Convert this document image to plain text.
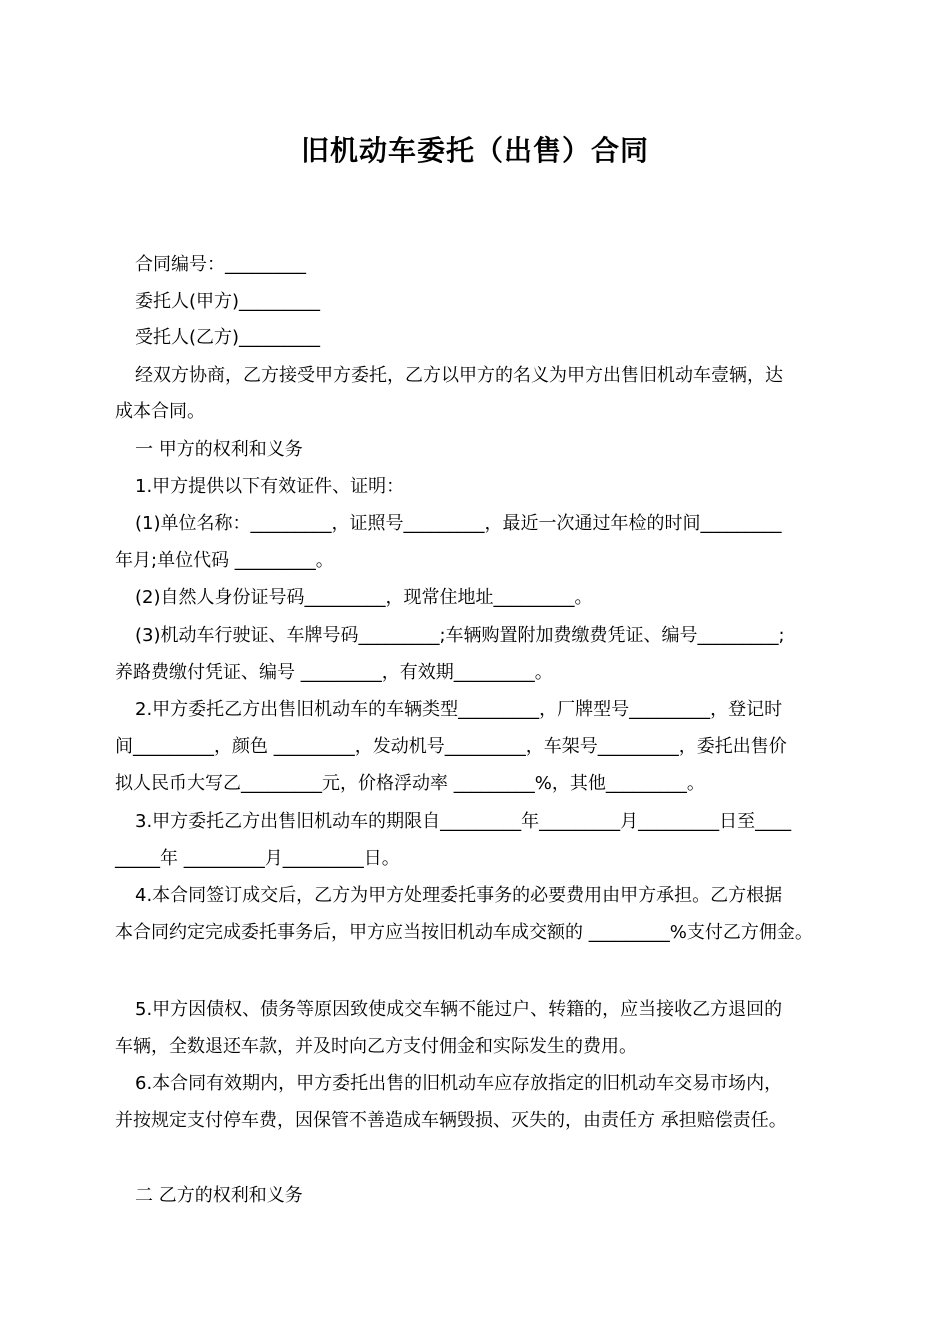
旧机动车委托（出售）合同
合同编号：_________
委托人(甲方)_________
受托人(乙方)_________
经双方协商，乙方接受甲方委托，乙方以甲方的名义为甲方出售旧机动车壹辆，达
成本合同。
一 甲方的权利和义务
1.甲方提供以下有效证件、证明：
(1)单位名称：_________，证照号_________，最近一次通过年检的时间_________
年月;单位代码 _________。
(2)自然人身份证号码_________，现常住地址_________。
(3)机动车行驶证、车牌号码_________;车辆购置附加费缴费凭证、编号_________;
养路费缴付凭证、编号 _________，有效期_________。
2.甲方委托乙方出售旧机动车的车辆类型_________，厂牌型号_________，登记时
间_________，颜色 _________，发动机号_________，车架号_________，委托出售价
拟人民币大写乙_________元，价格浮动率 _________%，其他_________。
3.甲方委托乙方出售旧机动车的期限自_________年_________月_________日至____
_____年 _________月_________日。
4.本合同签订成交后，乙方为甲方处理委托事务的必要费用由甲方承担。乙方根据
本合同约定完成委托事务后，甲方应当按旧机动车成交额的 _________%支付乙方佣金。
5.甲方因债权、债务等原因致使成交车辆不能过户、转籍的，应当接收乙方退回的
车辆，全数退还车款，并及时向乙方支付佣金和实际发生的费用。
6.本合同有效期内，甲方委托出售的旧机动车应存放指定的旧机动车交易市场内，
并按规定支付停车费，因保管不善造成车辆毁损、灭失的，由责任方 承担赔偿责任。
二 乙方的权利和义务
